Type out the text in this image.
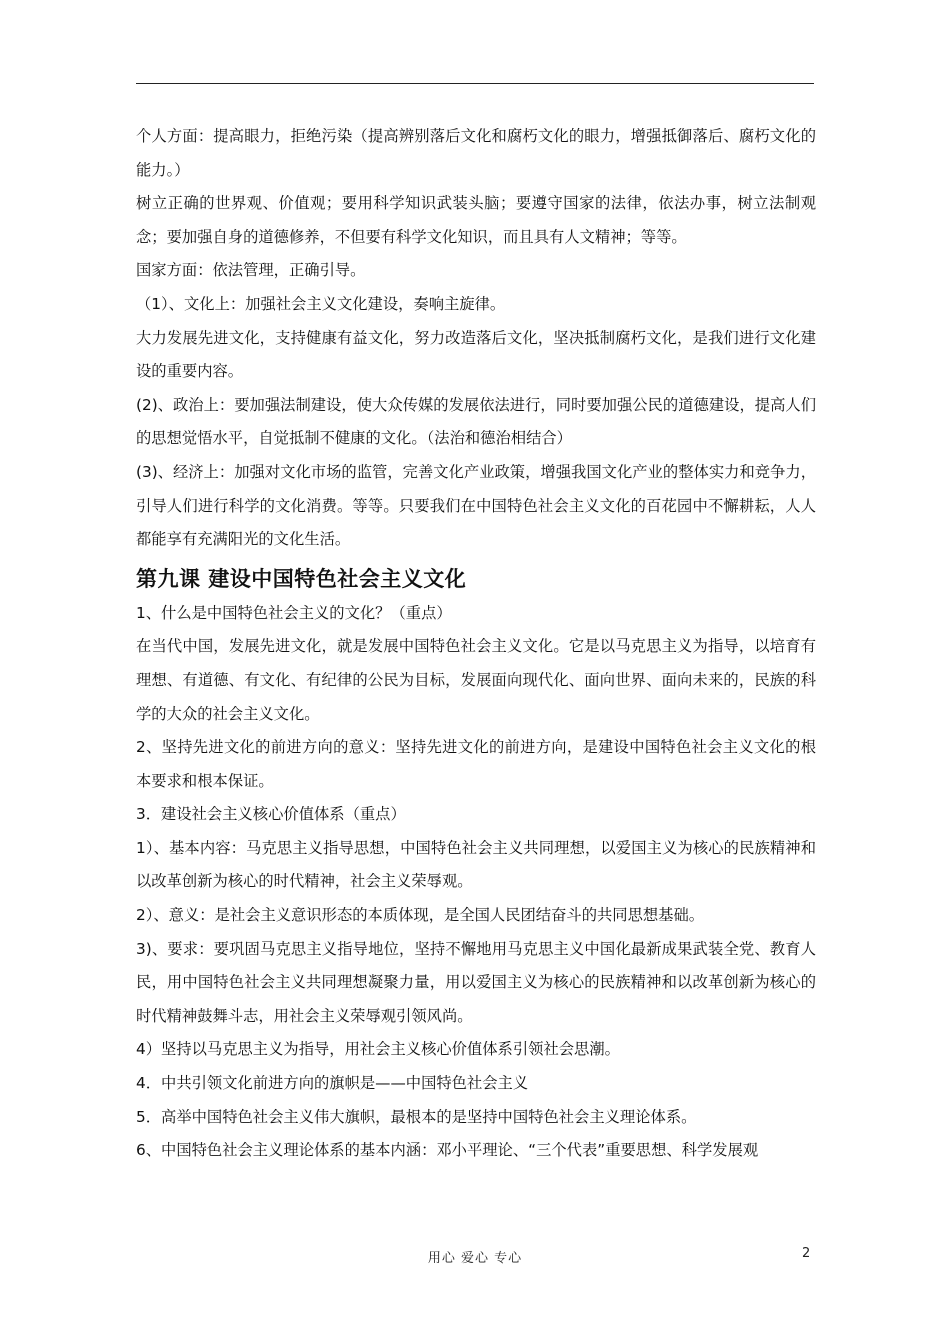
个人方面：提高眼力，拒绝污染（提高辨别落后文化和腐朽文化的眼力，增强抵御落后、腐朽文化的能力。）

树立正确的世界观、价值观；要用科学知识武装头脑；要遵守国家的法律，依法办事，树立法制观念；要加强自身的道德修养，不但要有科学文化知识，而且具有人文精神；等等。

国家方面：依法管理，正确引导。

（1）、文化上：加强社会主义文化建设，奏响主旋律。

大力发展先进文化，支持健康有益文化，努力改造落后文化，坚决抵制腐朽文化，是我们进行文化建设的重要内容。

(2)、政治上：要加强法制建设，使大众传媒的发展依法进行，同时要加强公民的道德建设，提高人们的思想觉悟水平，自觉抵制不健康的文化。（法治和德治相结合）

(3)、经济上：加强对文化市场的监管，完善文化产业政策，增强我国文化产业的整体实力和竞争力，引导人们进行科学的文化消费。等等。只要我们在中国特色社会主义文化的百花园中不懈耕耘，人人都能享有充满阳光的文化生活。

第九课 建设中国特色社会主义文化

1、什么是中国特色社会主义的文化？（重点）

在当代中国，发展先进文化，就是发展中国特色社会主义文化。它是以马克思主义为指导，以培育有理想、有道德、有文化、有纪律的公民为目标，发展面向现代化、面向世界、面向未来的，民族的科学的大众的社会主义文化。

2、坚持先进文化的前进方向的意义：坚持先进文化的前进方向，是建设中国特色社会主义文化的根本要求和根本保证。

3．建设社会主义核心价值体系（重点）

1）、基本内容：马克思主义指导思想，中国特色社会主义共同理想，以爱国主义为核心的民族精神和以改革创新为核心的时代精神，社会主义荣辱观。

2）、意义：是社会主义意识形态的本质体现，是全国人民团结奋斗的共同思想基础。

3)、要求：要巩固马克思主义指导地位，坚持不懈地用马克思主义中国化最新成果武装全党、教育人民，用中国特色社会主义共同理想凝聚力量，用以爱国主义为核心的民族精神和以改革创新为核心的时代精神鼓舞斗志，用社会主义荣辱观引领风尚。

4）坚持以马克思主义为指导，用社会主义核心价值体系引领社会思潮。

4．中共引领文化前进方向的旗帜是——中国特色社会主义

5．高举中国特色社会主义伟大旗帜，最根本的是坚持中国特色社会主义理论体系。

6、中国特色社会主义理论体系的基本内涵：邓小平理论、“三个代表”重要思想、科学发展观

用心 爱心 专心	2
